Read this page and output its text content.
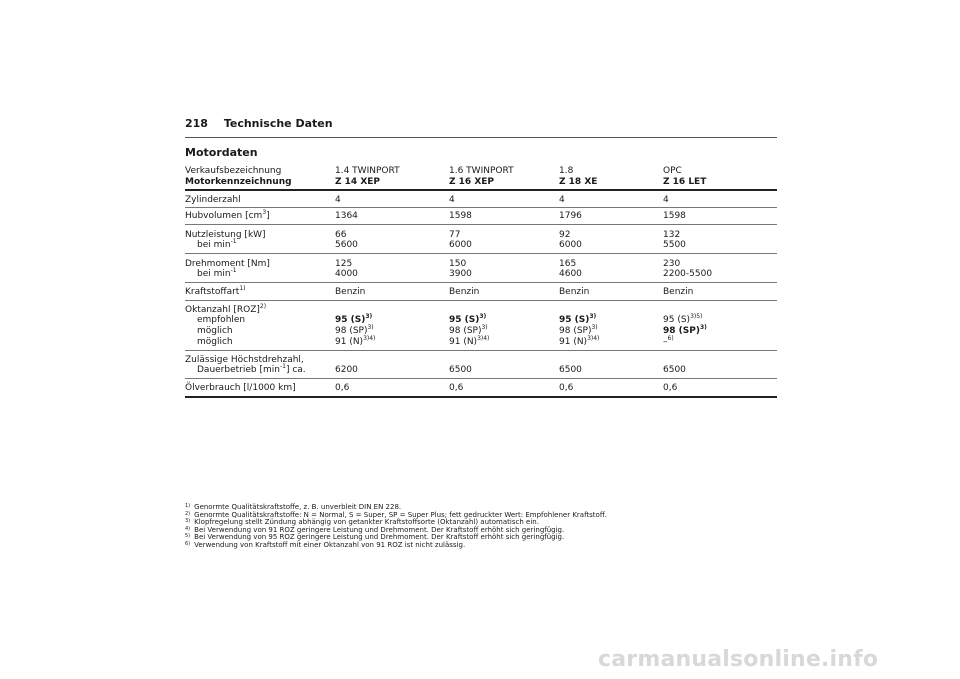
218 Technische Daten
Motordaten
Verkaufsbezeichnung	1.4 TWINPORT	1.6 TWINPORT	1.8	OPC
Motorkennzeichnung	Z 14 XEP	Z 16 XEP	Z 18 XE	Z 16 LET
Zylinderzahl	4	4	4	4
Hubvolumen $[cm^3]$	1364	1598	1796	1598
Nutzleistung [kW]	66	77	92	132
bei $\min^{-1}$	5600	6000	6000	5500
Drehmoment [Nm]	125	150	165	230
bei $\min^{-1}$	4000	3900	4600	2200-5500
Kraftstoffart$^{1)}$	Benzin	Benzin	Benzin	Benzin
Oktanzahl [ROZ]$^{2)}$
empfohlen	95 $(S)^{3)}$	95 $(S)^{3)}$	95 $(S)^{3)}$	95 $(S)^{3)5)}$
möglich	98 (SP)$^{3)}$	98 (SP)$^{3)}$	98 (SP)$^{3)}$	98 (SP)$^{3)}$
möglich	91 $(N)^{3)4)}$	91 $(N)^{3)4)}$	91 $(N)^{3)4)}$	–$^{6)}$
Zulässige Höchstdrehzahl,
Dauerbetrieb $[\min^{-1}]$ ca.	6200	6500	6500	6500
Ölverbrauch [l/1000 km]	0,6	0,6	0,6	0,6
$^{1)}$ Genormte Qualitätskraftstoffe, z. B. unverbleit DIN EN 228.
$^{2)}$ Genormte Qualitätskraftstoffe: N = Normal, S = Super, SP = Super Plus; fett gedruckter Wert: Empfohlener Kraftstoff.
$^{3)}$ Klopfregelung stellt Zündung abhängig von getankter Kraftstoffsorte (Oktanzahl) automatisch ein.
$^{4)}$ Bei Verwendung von 91 ROZ geringere Leistung und Drehmoment. Der Kraftstoff erhöht sich geringfügig.
$^{5)}$ Bei Verwendung von 95 ROZ geringere Leistung und Drehmoment. Der Kraftstoff erhöht sich geringfügig.
$^{6)}$ Verwendung von Kraftstoff mit einer Oktanzahl von 91 ROZ ist nicht zulässig.
carmanualsonline.info
